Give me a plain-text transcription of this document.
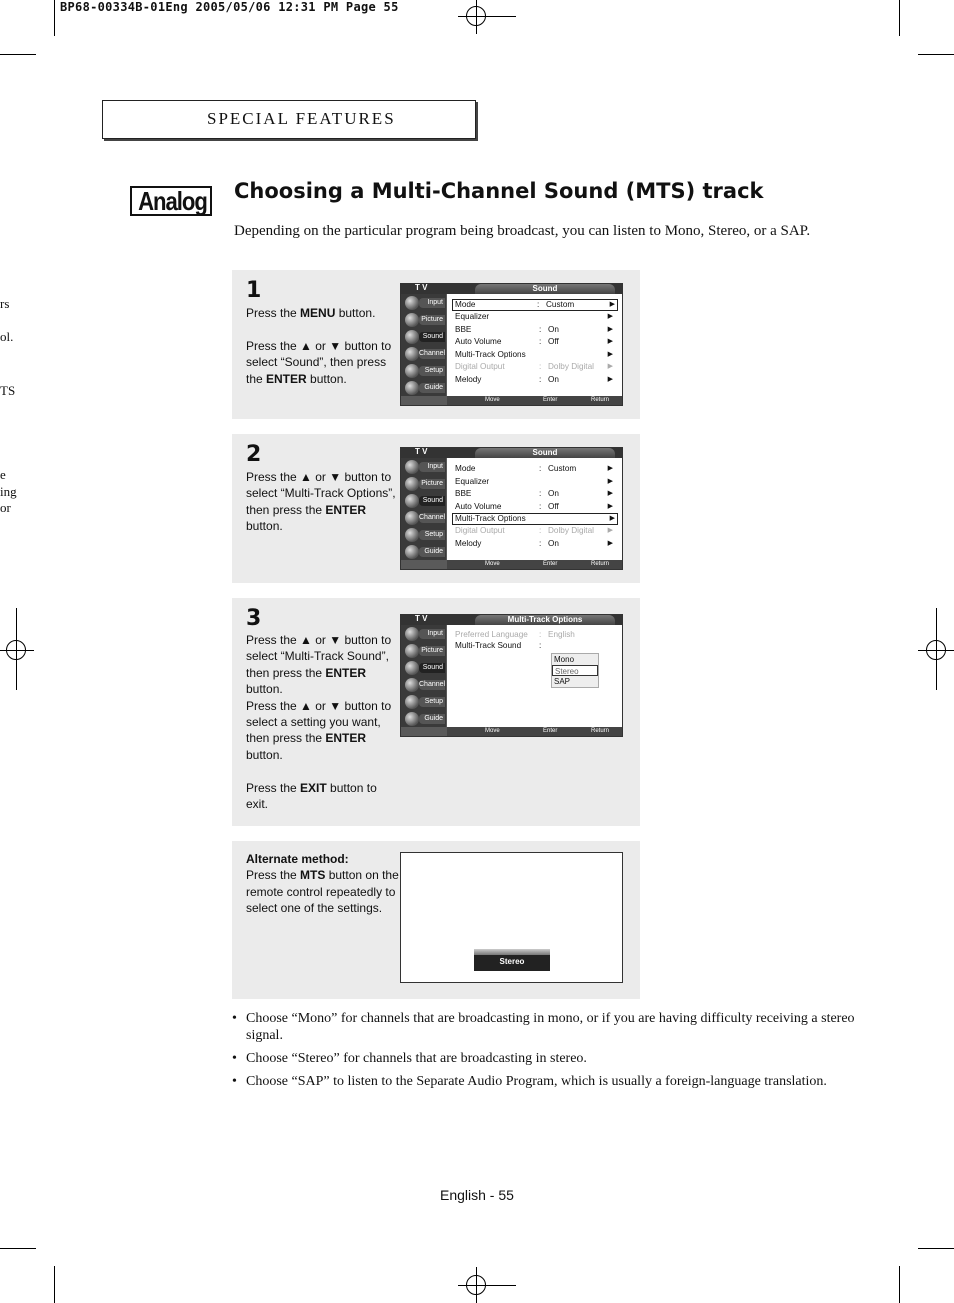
BP68-00334B-01Eng 2005/05/06 12:31 PM Page 55
rs
ol.
TS
e
ing
or
SPECIAL FEATURES
Analog Choosing a Multi-Channel Sound (MTS) track
Depending on the particular program being broadcast, you can listen to Mono, Stereo, or a SAP.
1
Press the MENU button.
Press the ▲ or ▼ button to select “Sound”, then press the ENTER button.
T V	Sound
Input
Picture
Sound
Channel
Setup
Guide
Mode	: Custom	▶
Equalizer	▶
BBE	: On	▶
Auto Volume	: Off	▶
Multi-Track Options	▶
Digital Output	: Dolby Digital ▶
Melody	: On	▶
Move	Enter	Return
2
Press the ▲ or ▼ button to select “Multi-Track Options”, then press the ENTER button.
T V	Sound
Input
Picture
Sound
Channel
Setup
Guide
Mode	: Custom	▶
Equalizer	▶
BBE	: On	▶
Auto Volume	: Off	▶
Multi-Track Options	▶
Digital Output	: Dolby Digital ▶
Melody	: On	▶
Move	Enter	Return
3
Press the ▲ or ▼ button to select “Multi-Track Sound”, then press the ENTER button.
Press the ▲ or ▼ button to select a setting you want, then press the ENTER button.
Press the EXIT button to exit.
T V	Multi-Track Options
Input
Picture
Sound
Channel
Setup
Guide
Preferred Language : English
Multi-Track Sound :
Mono
Stereo
SAP
Move	Enter	Return
Alternate method:
Press the MTS button on the remote control repeatedly to select one of the settings.
Stereo
• Choose “Mono” for channels that are broadcasting in mono, or if you are having difficulty receiving a stereo signal.
• Choose “Stereo” for channels that are broadcasting in stereo.
• Choose “SAP” to listen to the Separate Audio Program, which is usually a foreign-language translation.
English - 55
